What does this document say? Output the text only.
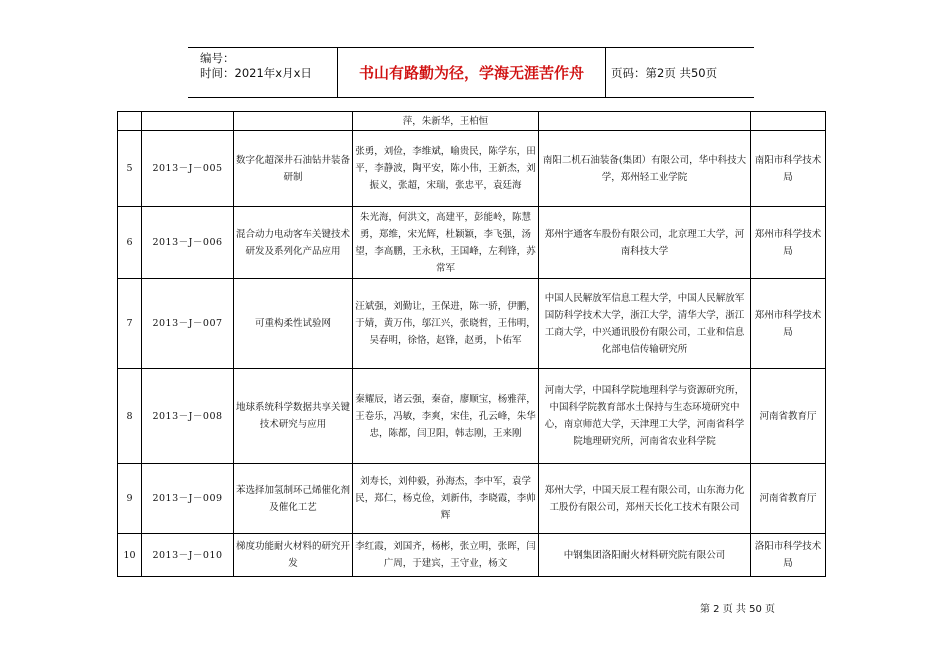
编号：
时间：2021年x月x日	书山有路勤为径，学海无涯苦作舟	页码：第2页 共50页
			萍，朱新华，王柏恒		
5	2013－J－005	数字化超深井石油钻井装备研制	张勇，刘俭，李维斌，喻贵民，陈学东，田平，李静波，陶平安，陈小伟，王新杰，刘振义，张超，宋瑞，张忠平，袁廷海	南阳二机石油装备(集团）有限公司，华中科技大学，郑州轻工业学院	南阳市科学技术局
6	2013－J－006	混合动力电动客车关键技术研发及系列化产品应用	朱光海，何洪文，高建平，彭能岭，陈慧勇，郑维，宋光辉，杜颖颖，李飞强，汤望，李高鹏，王永秋，王国峰，左利锋，苏常军	郑州宇通客车股份有限公司，北京理工大学，河南科技大学	郑州市科学技术局
7	2013－J－007	可重构柔性试验网	汪斌强，刘勤让，王保进，陈一骄，伊鹏，于婧，黄万伟，邬江兴，张晓哲，王伟明，吴春明，徐恪，赵锋，赵勇，卜佑军	中国人民解放军信息工程大学，中国人民解放军国防科学技术大学，浙江大学，清华大学，浙江工商大学，中兴通讯股份有限公司，工业和信息化部电信传输研究所	郑州市科学技术局
8	2013－J－008	地球系统科学数据共享关键技术研究与应用	秦耀辰，诸云强，秦奋，廖顺宝，杨雅萍，王卷乐，冯敏，李爽，宋佳，孔云峰，朱华忠，陈都，闫卫阳，韩志刚，王来刚	河南大学，中国科学院地理科学与资源研究所，中国科学院教育部水土保持与生态环境研究中心，南京师范大学，天津理工大学，河南省科学院地理研究所，河南省农业科学院	河南省教育厅
9	2013－J－009	苯选择加氢制环己烯催化剂及催化工艺	刘寿长，刘仲毅，孙海杰，李中军，袁学民，郑仁，杨克俭，刘新伟，李晓霞，李帅辉	郑州大学，中国天辰工程有限公司，山东海力化工股份有限公司，郑州天长化工技术有限公司	河南省教育厅
10	2013－J－010	梯度功能耐火材料的研究开发	李红霞，刘国齐，杨彬，张立明，张晖，闫广周，于建宾，王守业，杨文	中钢集团洛阳耐火材料研究院有限公司	洛阳市科学技术局
第 2 页 共 50 页
